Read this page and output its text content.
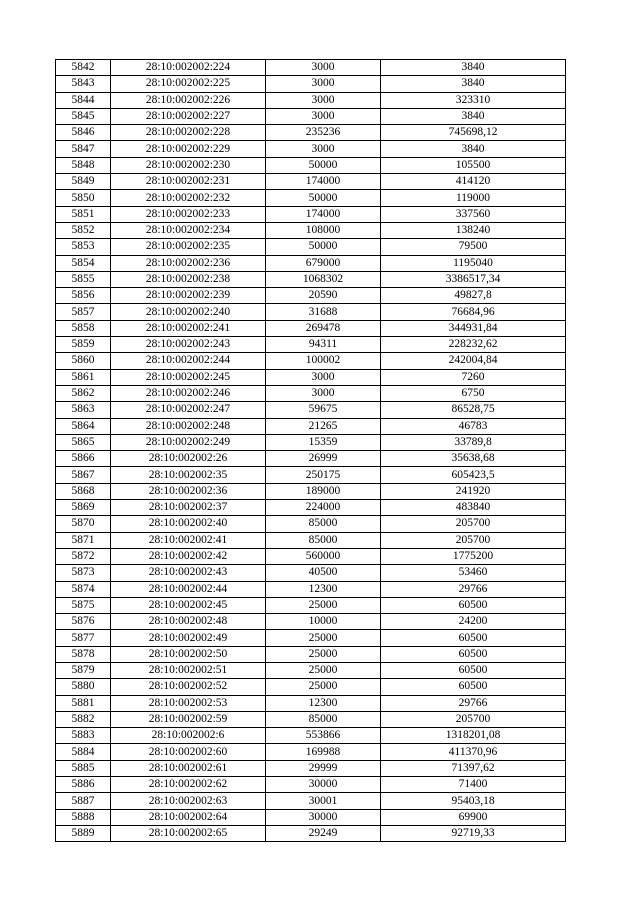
5842	28:10:002002:224	3000	3840
5843	28:10:002002:225	3000	3840
5844	28:10:002002:226	3000	323310
5845	28:10:002002:227	3000	3840
5846	28:10:002002:228	235236	745698,12
5847	28:10:002002:229	3000	3840
5848	28:10:002002:230	50000	105500
5849	28:10:002002:231	174000	414120
5850	28:10:002002:232	50000	119000
5851	28:10:002002:233	174000	337560
5852	28:10:002002:234	108000	138240
5853	28:10:002002:235	50000	79500
5854	28:10:002002:236	679000	1195040
5855	28:10:002002:238	1068302	3386517,34
5856	28:10:002002:239	20590	49827,8
5857	28:10:002002:240	31688	76684,96
5858	28:10:002002:241	269478	344931,84
5859	28:10:002002:243	94311	228232,62
5860	28:10:002002:244	100002	242004,84
5861	28:10:002002:245	3000	7260
5862	28:10:002002:246	3000	6750
5863	28:10:002002:247	59675	86528,75
5864	28:10:002002:248	21265	46783
5865	28:10:002002:249	15359	33789,8
5866	28:10:002002:26	26999	35638,68
5867	28:10:002002:35	250175	605423,5
5868	28:10:002002:36	189000	241920
5869	28:10:002002:37	224000	483840
5870	28:10:002002:40	85000	205700
5871	28:10:002002:41	85000	205700
5872	28:10:002002:42	560000	1775200
5873	28:10:002002:43	40500	53460
5874	28:10:002002:44	12300	29766
5875	28:10:002002:45	25000	60500
5876	28:10:002002:48	10000	24200
5877	28:10:002002:49	25000	60500
5878	28:10:002002:50	25000	60500
5879	28:10:002002:51	25000	60500
5880	28:10:002002:52	25000	60500
5881	28:10:002002:53	12300	29766
5882	28:10:002002:59	85000	205700
5883	28:10:002002:6	553866	1318201,08
5884	28:10:002002:60	169988	411370,96
5885	28:10:002002:61	29999	71397,62
5886	28:10:002002:62	30000	71400
5887	28:10:002002:63	30001	95403,18
5888	28:10:002002:64	30000	69900
5889	28:10:002002:65	29249	92719,33
